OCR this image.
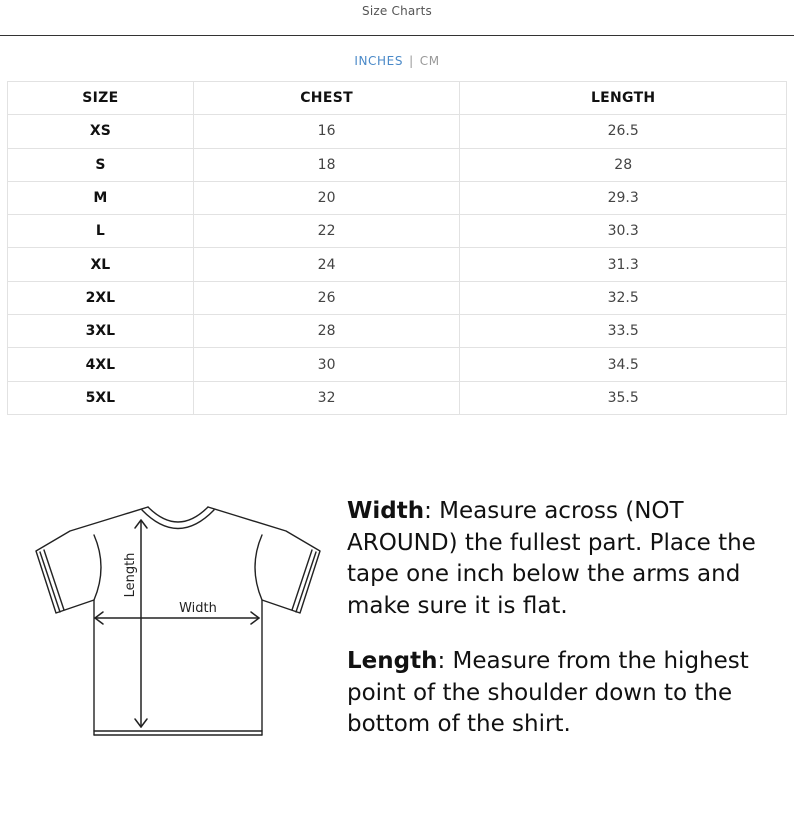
Size Charts
INCHES | CM
SIZE	CHEST	LENGTH
XS	16	26.5
S	18	28
M	20	29.3
L	22	30.3
XL	24	31.3
2XL	26	32.5
3XL	28	33.5
4XL	30	34.5
5XL	32	35.5
Length
Width

Width: Measure across (NOT AROUND) the fullest part. Place the tape one inch below the arms and make sure it is flat.

Length: Measure from the highest point of the shoulder down to the bottom of the shirt.
